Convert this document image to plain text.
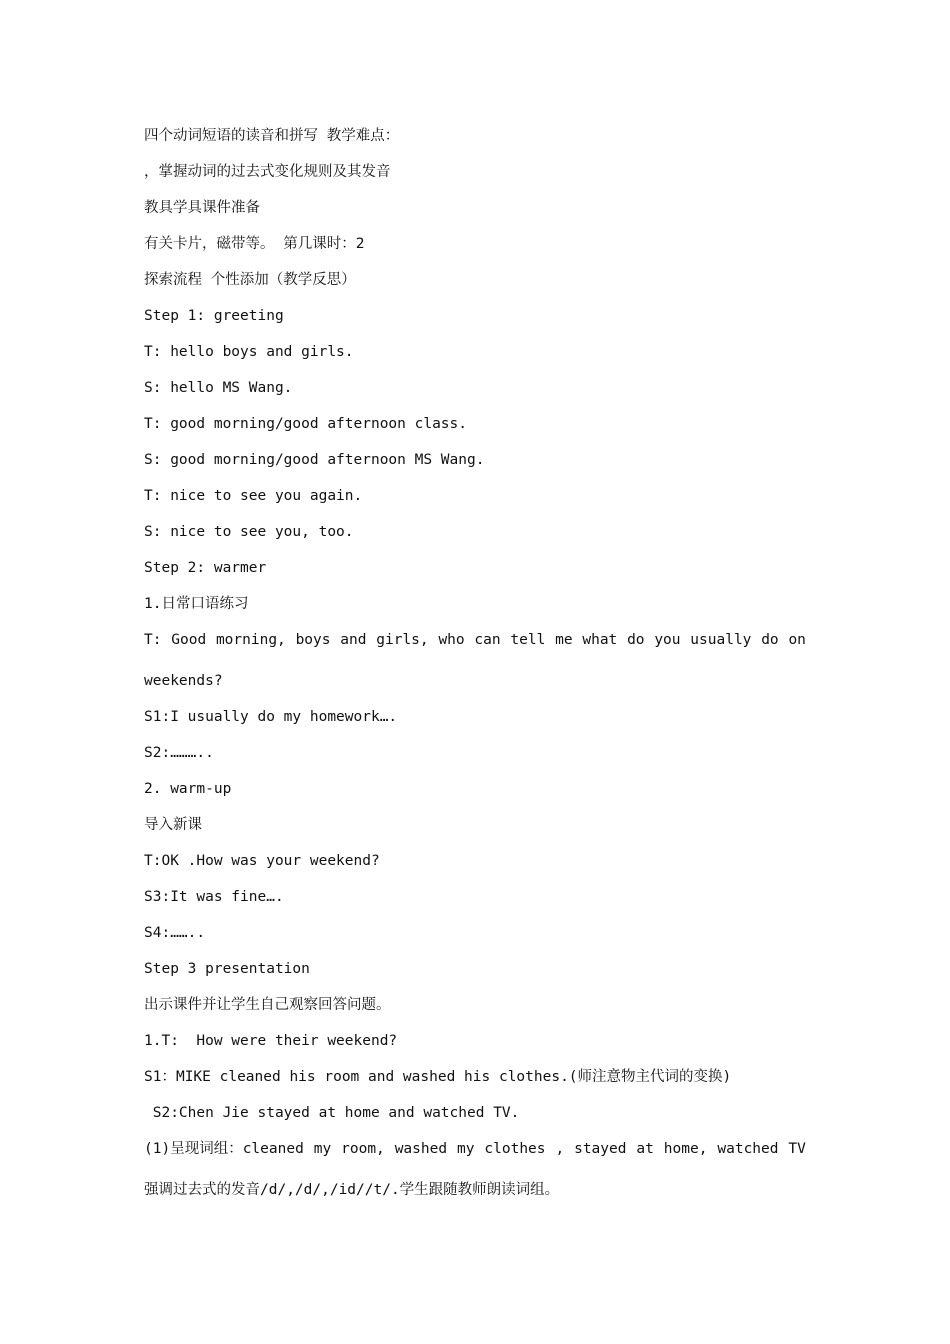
四个动词短语的读音和拼写 教学难点：
，掌握动词的过去式变化规则及其发音
教具学具课件准备
有关卡片，磁带等。 第几课时：2
探索流程 个性添加（教学反思）
Step 1: greeting
T: hello boys and girls.
S: hello MS Wang.
T: good morning/good afternoon class.
S: good morning/good afternoon MS Wang.
T: nice to see you again.
S: nice to see you, too.
Step 2: warmer
1.日常口语练习
T: Good morning, boys and girls, who can tell me what do you usually do on
weekends?
S1:I usually do my homework….
S2:………..
2. warm-up
导入新课
T:OK .How was your weekend?
S3:It was fine….
S4:……..
Step 3 presentation
出示课件并让学生自己观察回答问题。
1.T:  How were their weekend?
S1：MIKE cleaned his room and washed his clothes.(师注意物主代词的变换)
S2:Chen Jie stayed at home and watched TV.
(1)呈现词组：cleaned my room, washed my clothes , stayed at home, watched TV
强调过去式的发音/d/,/d/,/id//t/.学生跟随教师朗读词组。
